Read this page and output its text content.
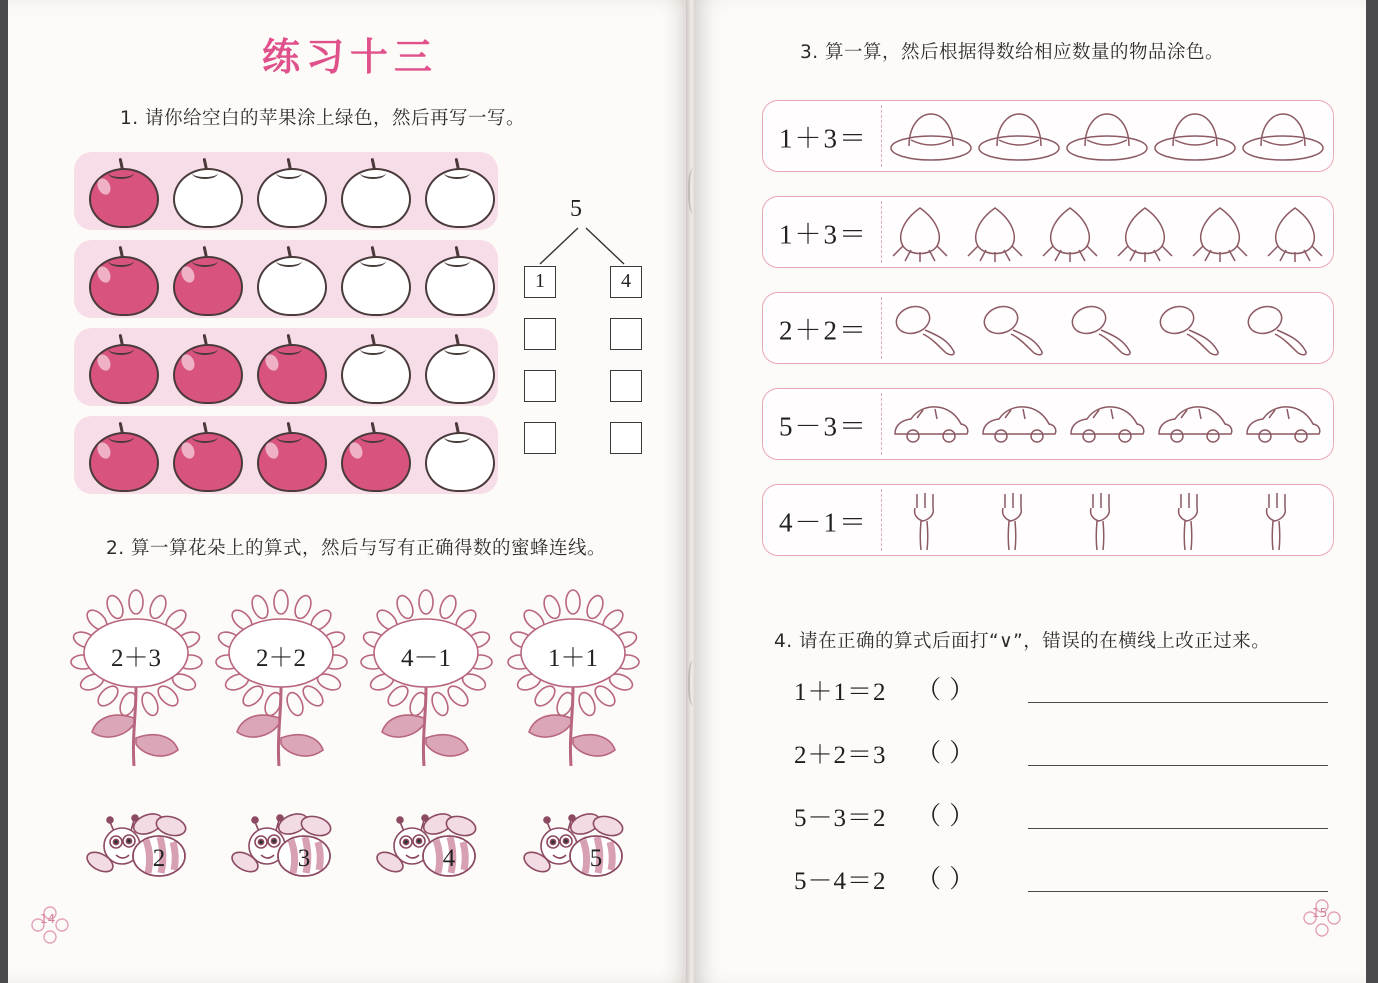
练习十三
1. 请你给空白的苹果涂上绿色，然后再写一写。
5
1	4
2. 算一算花朵上的算式，然后与写有正确得数的蜜蜂连线。
2＋3	2＋2	4－1	1＋1
2	3	4	5
14
3. 算一算，然后根据得数给相应数量的物品涂色。
1＋3＝
1＋3＝
2＋2＝
5－3＝
4－1＝
4. 请在正确的算式后面打“∨”，错误的在横线上改正过来。
1＋1＝2 （ ）
2＋2＝3 （ ）
5－3＝2 （ ）
5－4＝2 （ ）
15
